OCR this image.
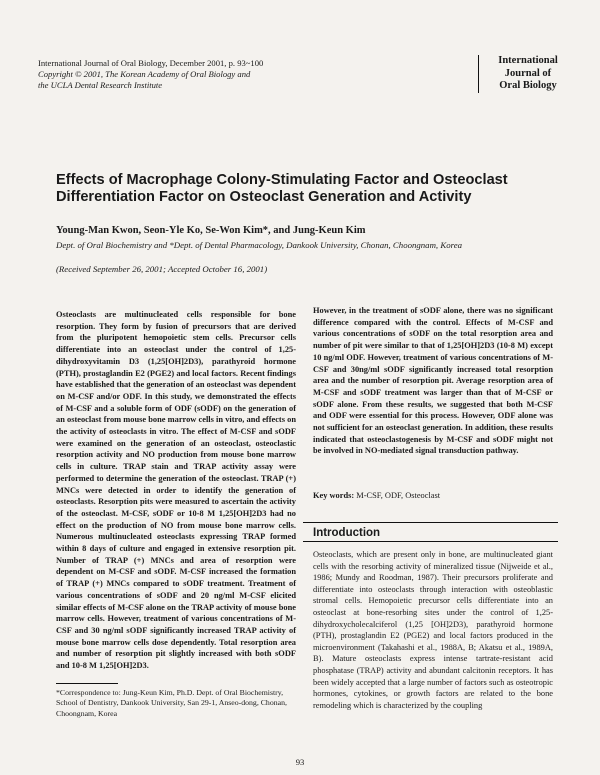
International Journal of Oral Biology, December 2001, p. 93~100
Copyright © 2001, The Korean Academy of Oral Biology and
the UCLA Dental Research Institute
International
Journal of
Oral Biology
Effects of Macrophage Colony-Stimulating Factor and Osteoclast
Differentiation Factor on Osteoclast Generation and Activity
Young-Man Kwon, Seon-Yle Ko, Se-Won Kim*, and Jung-Keun Kim
Dept. of Oral Biochemistry and *Dept. of Dental Pharmacology, Dankook University, Chonan, Choongnam, Korea
(Received September 26, 2001; Accepted October 16, 2001)

Osteoclasts are multinucleated cells responsible for bone resorption. They form by fusion of precursors that are derived from the pluripotent hemopoietic stem cells. Precursor cells differentiate into an osteoclast under the control of 1,25-dihydroxyvitamin D3 (1,25[OH]2D3), parathyroid hormone (PTH), prostaglandin E2 (PGE2) and local factors. Recent findings have established that the generation of an osteoclast was dependent on M-CSF and/or ODF. In this study, we demonstrated the effects of M-CSF and a soluble form of ODF (sODF) on the generation of an osteoclast from mouse bone marrow cells in vitro, and effects on the activity of osteoclasts in vitro. The effect of M-CSF and sODF were examined on the generation of an osteoclast, osteoclastic resorption activity and NO production from mouse bone marrow cells in culture. TRAP stain and TRAP activity assay were performed to determine the generation of the osteoclast. TRAP (+) MNCs were detected in order to identify the generation of osteoclasts. Resorption pits were measured to ascertain the activity of the osteoclast. M-CSF, sODF or 10-8 M 1,25[OH]2D3 had no effect on the production of NO from mouse bone marrow cells. Numerous multinucleated osteoclasts expressing TRAP formed within 8 days of culture and engaged in extensive resorption pit. Number of TRAP (+) MNCs and area of resorption were dependent on M-CSF and sODF. M-CSF increased the formation of TRAP (+) MNCs compared to sODF treatment. Treatment of various concentrations of sODF and 20 ng/ml M-CSF elicited similar effects of M-CSF alone on the TRAP activity of mouse bone marrow cells. However, treatment of various concentrations of M-CSF and 30 ng/ml sODF significantly increased TRAP activity of mouse bone marrow cells dose dependently. Total resorption area and number of resorption pit slightly increased with both sODF and 10-8 M 1,25[OH]2D3.

However, in the treatment of sODF alone, there was no significant difference compared with the control. Effects of M-CSF and various concentrations of sODF on the total resorption area and number of pit were similar to that of 1,25[OH]2D3 (10-8 M) except 10 ng/ml ODF. However, treatment of various concentrations of M-CSF and 30ng/ml sODF significantly increased total resorption area and the number of resorption pit. Average resorption area of M-CSF and sODF treatment was larger than that of M-CSF or sODF alone. From these results, we suggested that both M-CSF and ODF were essential for this process. However, ODF alone was not sufficient for an osteoclast generation. In addition, these results indicated that osteoclastogenesis by M-CSF and sODF might not be involved in NO-mediated signal transduction pathway.

Key words: M-CSF, ODF, Osteoclast
Introduction

Osteoclasts, which are present only in bone, are multinucleated giant cells with the resorbing activity of mineralized tissue (Nijweide et al., 1986; Mundy and Roodman, 1987). Their precursors proliferate and differentiate into osteoclasts through interaction with osteoblastic stromal cells. Hemopoietic precursor cells differentiate into an osteoclast at bone-resorbing sites under the control of 1,25-dihydroxycholecalciferol (1,25 [OH]2D3), parathyroid hormone (PTH), prostaglandin E2 (PGE2) and local factors produced in the microenvironment (Takahashi et al., 1988A, B; Akatsu et al., 1989A, B). Mature osteoclasts express intense tartrate-resistant acid phosphatase (TRAP) activity and abundant calcitonin receptors. It has been widely accepted that a large number of factors such as osteotropic hormones, cytokines, or growth factors are related to the bone remodeling which is characterized by the coupling

*Correspondence to: Jung-Keun Kim, Ph.D. Dept. of Oral Biochemistry, School of Dentistry, Dankook University, San 29-1, Anseo-dong, Chonan, Choongnam, Korea
93
